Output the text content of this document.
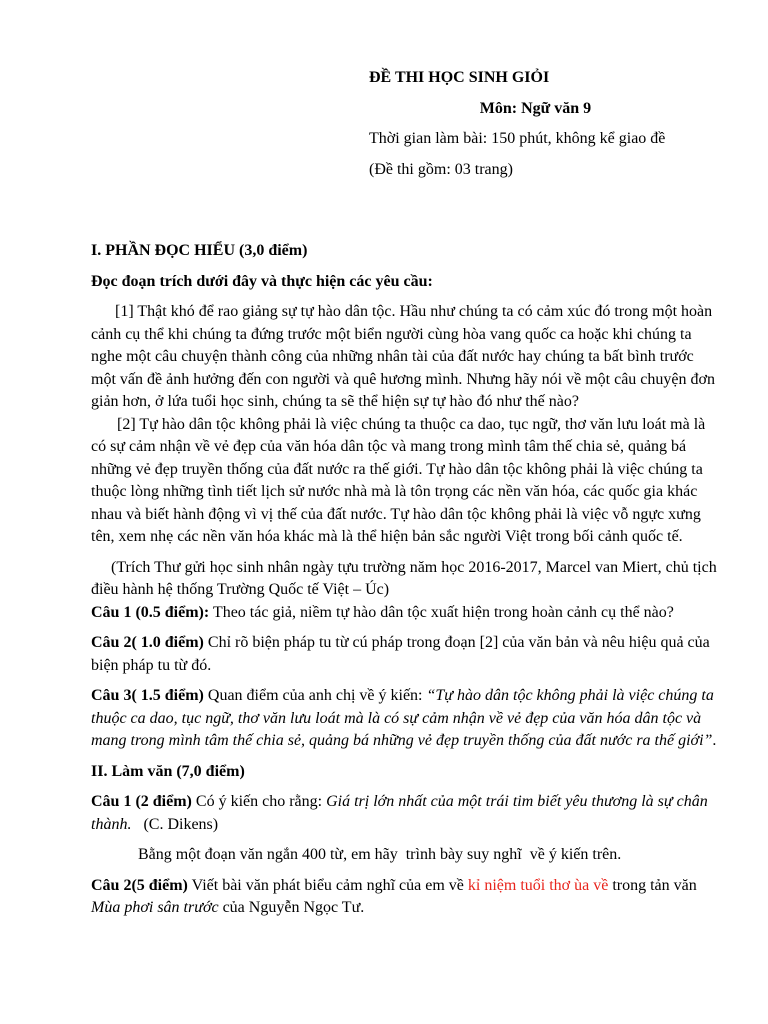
ĐỀ THI HỌC SINH GIỎI

Môn: Ngữ văn 9

Thời gian làm bài: 150 phút, không kể giao đề

(Đề thi gồm: 03 trang)

I. PHẦN ĐỌC HIỂU (3,0 điểm)

Đọc đoạn trích dưới đây và thực hiện các yêu cầu:

[1] Thật khó để rao giảng sự tự hào dân tộc. Hầu như chúng ta có cảm xúc đó trong một hoàn cảnh cụ thể khi chúng ta đứng trước một biển người cùng hòa vang quốc ca hoặc khi chúng ta nghe một câu chuyện thành công của những nhân tài của đất nước hay chúng ta bất bình trước một vấn đề ảnh hưởng đến con người và quê hương mình. Nhưng hãy nói về một câu chuyện đơn giản hơn, ở lứa tuổi học sinh, chúng ta sẽ thể hiện sự tự hào đó như thế nào?

[2] Tự hào dân tộc không phải là việc chúng ta thuộc ca dao, tục ngữ, thơ văn lưu loát mà là có sự cảm nhận về vẻ đẹp của văn hóa dân tộc và mang trong mình tâm thế chia sẻ, quảng bá những vẻ đẹp truyền thống của đất nước ra thế giới. Tự hào dân tộc không phải là việc chúng ta thuộc lòng những tình tiết lịch sử nước nhà mà là tôn trọng các nền văn hóa, các quốc gia khác nhau và biết hành động vì vị thế của đất nước. Tự hào dân tộc không phải là việc vỗ ngực xưng tên, xem nhẹ các nền văn hóa khác mà là thể hiện bản sắc người Việt trong bối cảnh quốc tế.

(Trích Thư gửi học sinh nhân ngày tựu trường năm học 2016-2017, Marcel van Miert, chủ tịch điều hành hệ thống Trường Quốc tế Việt – Úc)

Câu 1 (0.5 điểm): Theo tác giả, niềm tự hào dân tộc xuất hiện trong hoàn cảnh cụ thể nào?

Câu 2( 1.0 điểm) Chỉ rõ biện pháp tu từ cú pháp trong đoạn [2] của văn bản và nêu hiệu quả của biện pháp tu từ đó.

Câu 3( 1.5 điểm) Quan điểm của anh chị về ý kiến: “Tự hào dân tộc không phải là việc chúng ta thuộc ca dao, tục ngữ, thơ văn lưu loát mà là có sự cảm nhận về vẻ đẹp của văn hóa dân tộc và mang trong mình tâm thế chia sẻ, quảng bá những vẻ đẹp truyền thống của đất nước ra thế giới”.

II. Làm văn (7,0 điểm)

Câu 1 (2 điểm) Có ý kiến cho rằng: Giá trị lớn nhất của một trái tim biết yêu thương là sự chân thành.   (C. Dikens)

Bằng một đoạn văn ngắn 400 từ, em hãy  trình bày suy nghĩ  về ý kiến trên.

Câu 2(5 điểm) Viết bài văn phát biểu cảm nghĩ của em về kỉ niệm tuổi thơ ùa về trong tản văn Mùa phơi sân trước của Nguyễn Ngọc Tư.
